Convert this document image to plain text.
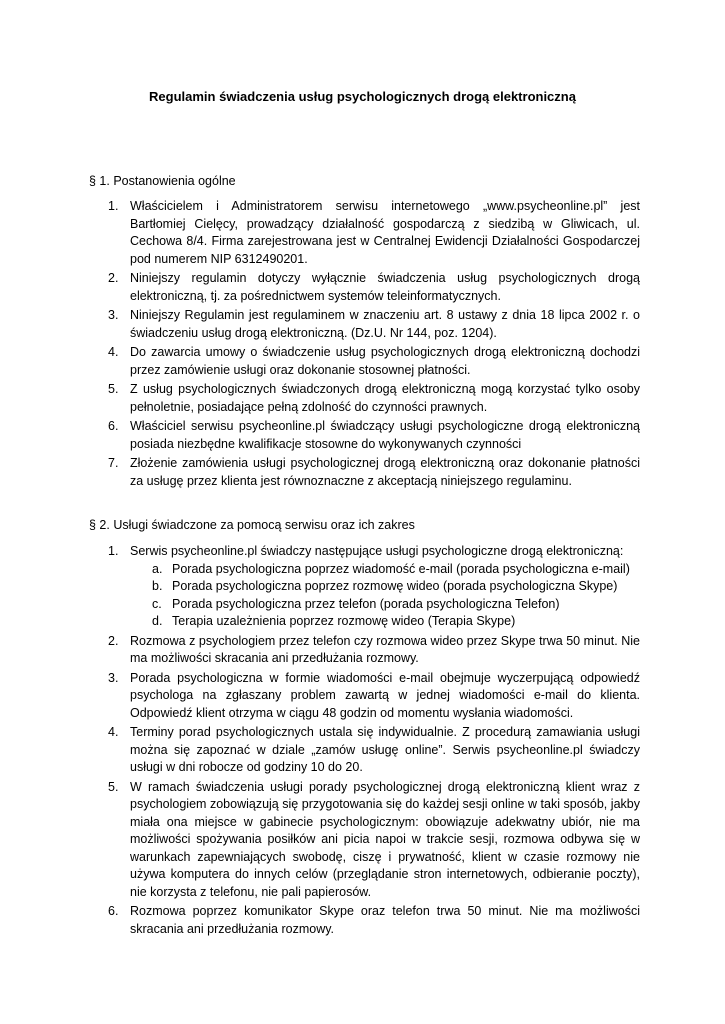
Regulamin świadczenia usług psychologicznych drogą elektroniczną
§ 1. Postanowienia ogólne
1. Właścicielem i Administratorem serwisu internetowego „www.psycheonline.pl” jest Bartłomiej Cielęcy, prowadzący działalność gospodarczą z siedzibą w Gliwicach, ul. Cechowa 8/4. Firma zarejestrowana jest w Centralnej Ewidencji Działalności Gospodarczej pod numerem NIP 6312490201.
2. Niniejszy regulamin dotyczy wyłącznie świadczenia usług psychologicznych drogą elektroniczną, tj. za pośrednictwem systemów teleinformatycznych.
3. Niniejszy Regulamin jest regulaminem w znaczeniu art. 8 ustawy z dnia 18 lipca 2002 r. o świadczeniu usług drogą elektroniczną. (Dz.U. Nr 144, poz. 1204).
4. Do zawarcia umowy o świadczenie usług psychologicznych drogą elektroniczną dochodzi przez zamówienie usługi oraz dokonanie stosownej płatności.
5. Z usług psychologicznych świadczonych drogą elektroniczną mogą korzystać tylko osoby pełnoletnie, posiadające pełną zdolność do czynności prawnych.
6. Właściciel serwisu psycheonline.pl świadczący usługi psychologiczne drogą elektroniczną posiada niezbędne kwalifikacje stosowne do wykonywanych czynności
7. Złożenie zamówienia usługi psychologicznej drogą elektroniczną oraz dokonanie płatności za usługę przez klienta jest równoznaczne z akceptacją niniejszego regulaminu.
§ 2. Usługi świadczone za pomocą serwisu oraz ich zakres
1. Serwis psycheonline.pl świadczy następujące usługi psychologiczne drogą elektroniczną:
a. Porada psychologiczna poprzez wiadomość e-mail (porada psychologiczna e-mail)
b. Porada psychologiczna poprzez rozmowę wideo (porada psychologiczna Skype)
c. Porada psychologiczna przez telefon (porada psychologiczna Telefon)
d. Terapia uzależnienia poprzez rozmowę wideo (Terapia Skype)
2. Rozmowa z psychologiem przez telefon czy rozmowa wideo przez Skype trwa 50 minut. Nie ma możliwości skracania ani przedłużania rozmowy.
3. Porada psychologiczna w formie wiadomości e-mail obejmuje wyczerpującą odpowiedź psychologa na zgłaszany problem zawartą w jednej wiadomości e-mail do klienta. Odpowiedź klient otrzyma w ciągu 48 godzin od momentu wysłania wiadomości.
4. Terminy porad psychologicznych ustala się indywidualnie. Z procedurą zamawiania usługi można się zapoznać w dziale „zamów usługę online”. Serwis psycheonline.pl świadczy usługi w dni robocze od godziny 10 do 20.
5. W ramach świadczenia usługi porady psychologicznej drogą elektroniczną klient wraz z psychologiem zobowiązują się przygotowania się do każdej sesji online w taki sposób, jakby miała ona miejsce w gabinecie psychologicznym: obowiązuje adekwatny ubiór, nie ma możliwości spożywania posiłków ani picia napoi w trakcie sesji, rozmowa odbywa się w warunkach zapewniających swobodę, ciszę i prywatność, klient w czasie rozmowy nie używa komputera do innych celów (przeglądanie stron internetowych, odbieranie poczty), nie korzysta z telefonu, nie pali papierosów.
6. Rozmowa poprzez komunikator Skype oraz telefon trwa 50 minut. Nie ma możliwości skracania ani przedłużania rozmowy.
